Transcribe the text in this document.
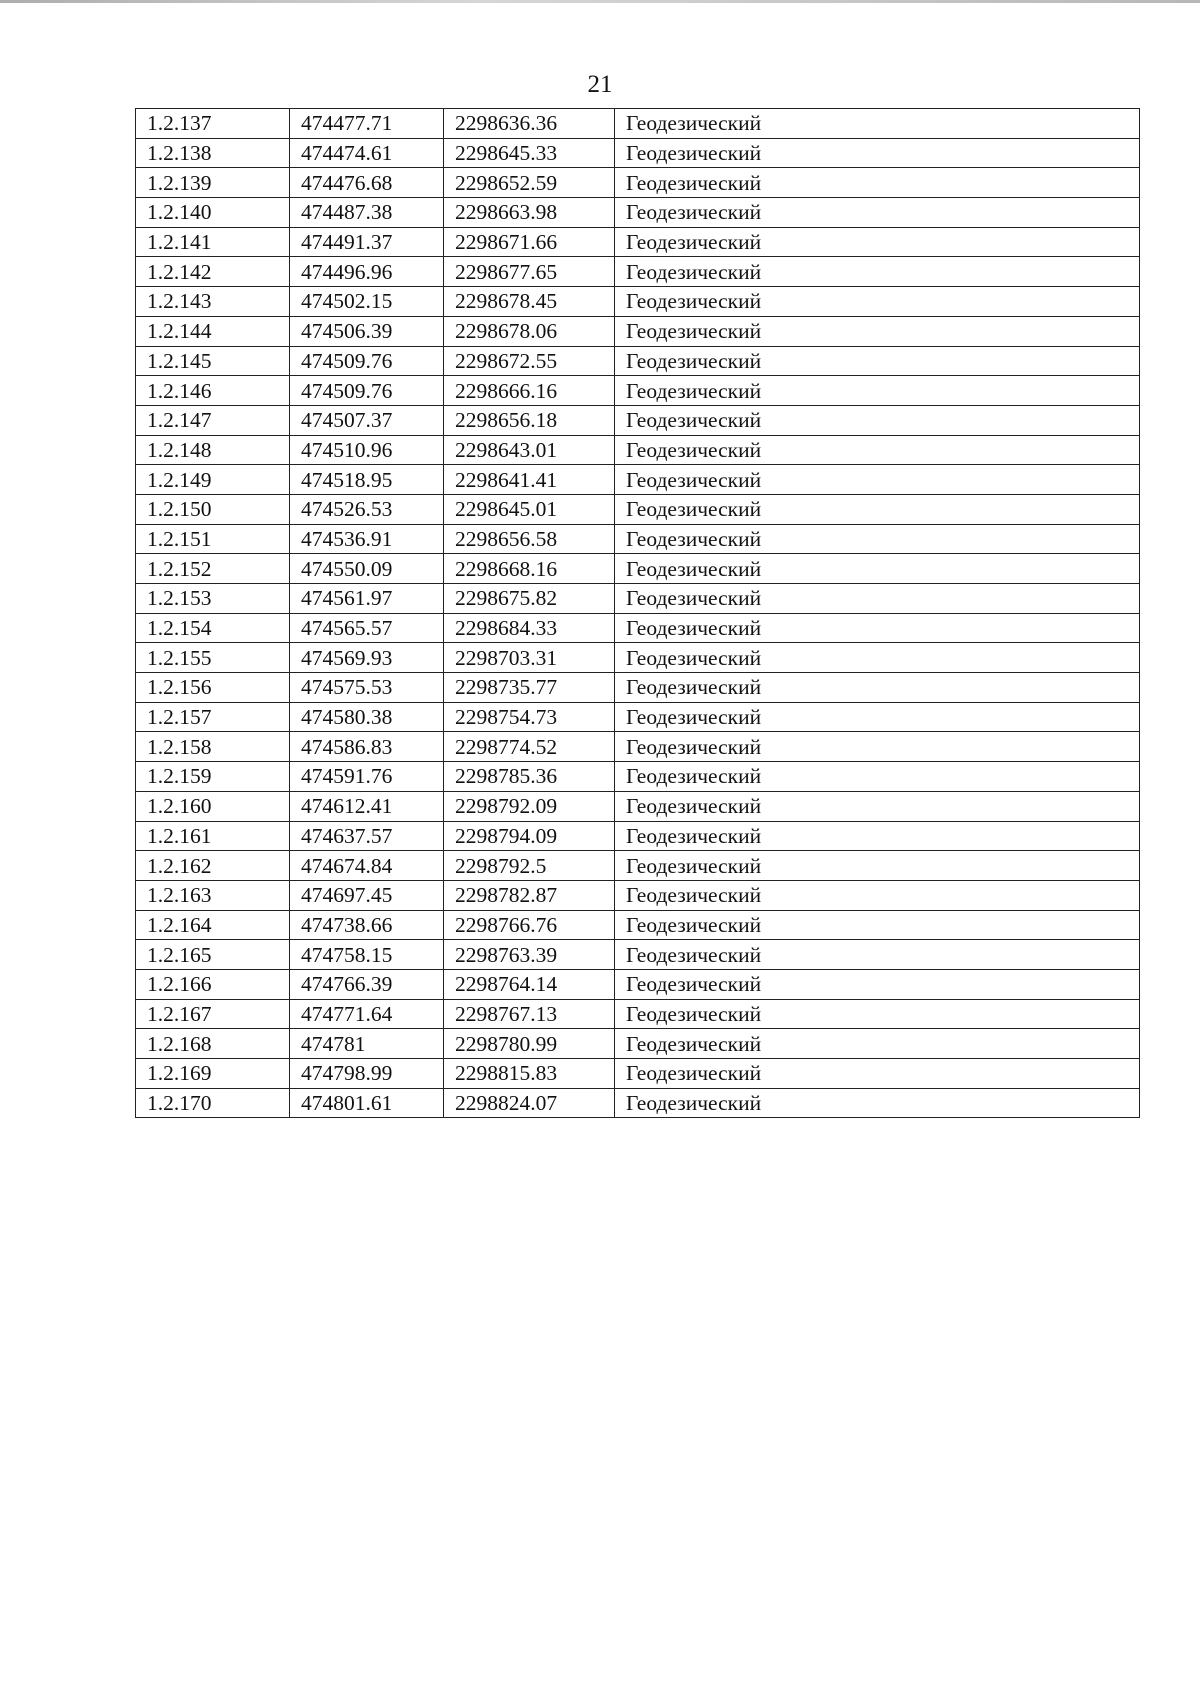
21
1.2.137	474477.71	2298636.36	Геодезический
1.2.138	474474.61	2298645.33	Геодезический
1.2.139	474476.68	2298652.59	Геодезический
1.2.140	474487.38	2298663.98	Геодезический
1.2.141	474491.37	2298671.66	Геодезический
1.2.142	474496.96	2298677.65	Геодезический
1.2.143	474502.15	2298678.45	Геодезический
1.2.144	474506.39	2298678.06	Геодезический
1.2.145	474509.76	2298672.55	Геодезический
1.2.146	474509.76	2298666.16	Геодезический
1.2.147	474507.37	2298656.18	Геодезический
1.2.148	474510.96	2298643.01	Геодезический
1.2.149	474518.95	2298641.41	Геодезический
1.2.150	474526.53	2298645.01	Геодезический
1.2.151	474536.91	2298656.58	Геодезический
1.2.152	474550.09	2298668.16	Геодезический
1.2.153	474561.97	2298675.82	Геодезический
1.2.154	474565.57	2298684.33	Геодезический
1.2.155	474569.93	2298703.31	Геодезический
1.2.156	474575.53	2298735.77	Геодезический
1.2.157	474580.38	2298754.73	Геодезический
1.2.158	474586.83	2298774.52	Геодезический
1.2.159	474591.76	2298785.36	Геодезический
1.2.160	474612.41	2298792.09	Геодезический
1.2.161	474637.57	2298794.09	Геодезический
1.2.162	474674.84	2298792.5	Геодезический
1.2.163	474697.45	2298782.87	Геодезический
1.2.164	474738.66	2298766.76	Геодезический
1.2.165	474758.15	2298763.39	Геодезический
1.2.166	474766.39	2298764.14	Геодезический
1.2.167	474771.64	2298767.13	Геодезический
1.2.168	474781	2298780.99	Геодезический
1.2.169	474798.99	2298815.83	Геодезический
1.2.170	474801.61	2298824.07	Геодезический
